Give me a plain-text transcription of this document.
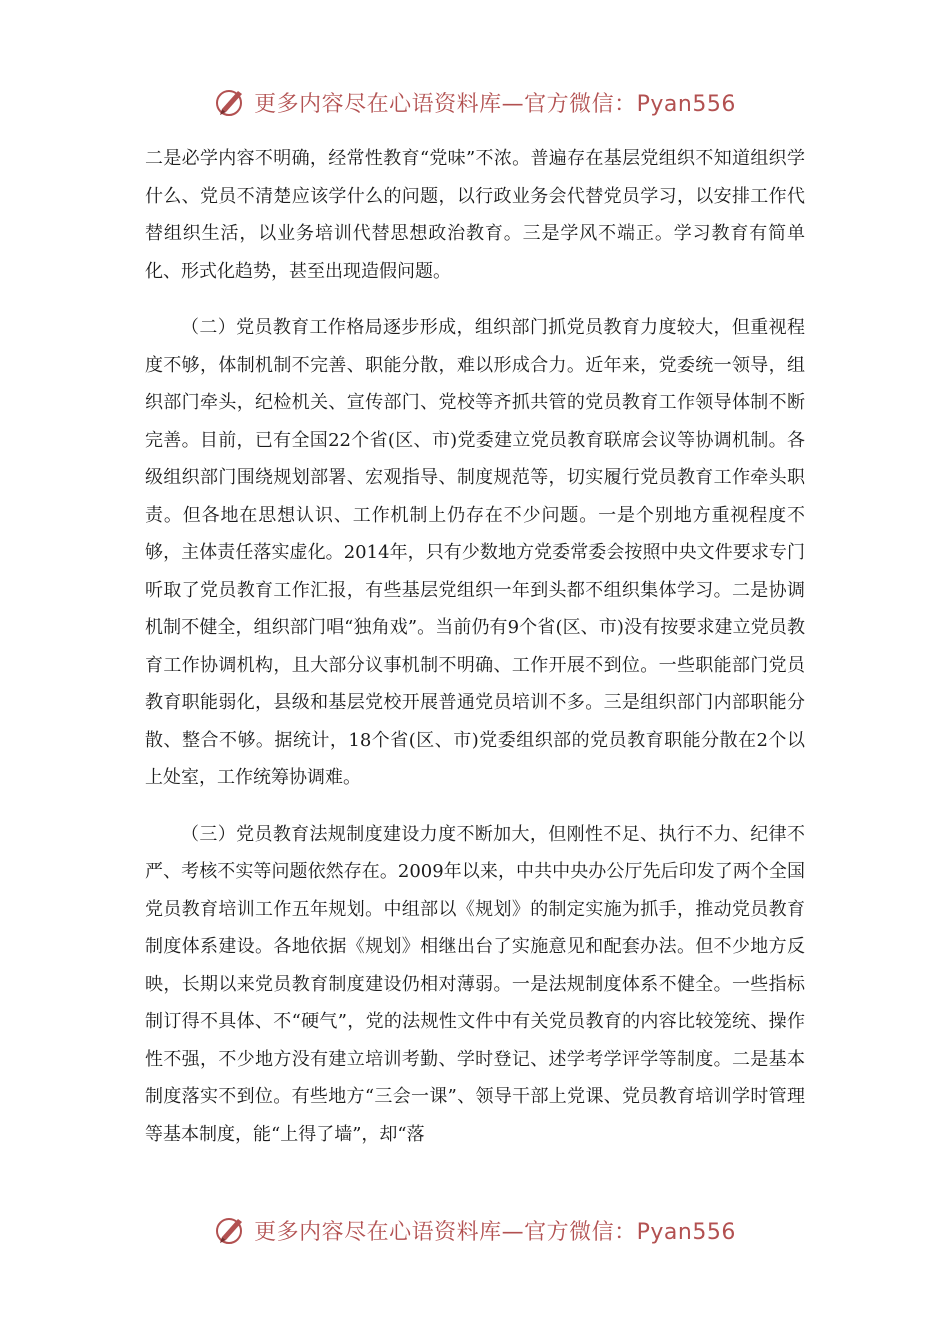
更多内容尽在心语资料库—官方微信：Pyan556

二是必学内容不明确，经常性教育“党味”不浓。普遍存在基层党组织不知道组织学什么、党员不清楚应该学什么的问题，以行政业务会代替党员学习，以安排工作代替组织生活，以业务培训代替思想政治教育。三是学风不端正。学习教育有简单化、形式化趋势，甚至出现造假问题。

（二）党员教育工作格局逐步形成，组织部门抓党员教育力度较大，但重视程度不够，体制机制不完善、职能分散，难以形成合力。近年来，党委统一领导，组织部门牵头，纪检机关、宣传部门、党校等齐抓共管的党员教育工作领导体制不断完善。目前，已有全国22个省(区、市)党委建立党员教育联席会议等协调机制。各级组织部门围绕规划部署、宏观指导、制度规范等，切实履行党员教育工作牵头职责。但各地在思想认识、工作机制上仍存在不少问题。一是个别地方重视程度不够，主体责任落实虚化。2014年，只有少数地方党委常委会按照中央文件要求专门听取了党员教育工作汇报，有些基层党组织一年到头都不组织集体学习。二是协调机制不健全，组织部门唱“独角戏”。当前仍有9个省(区、市)没有按要求建立党员教育工作协调机构，且大部分议事机制不明确、工作开展不到位。一些职能部门党员教育职能弱化，县级和基层党校开展普通党员培训不多。三是组织部门内部职能分散、整合不够。据统计，18个省(区、市)党委组织部的党员教育职能分散在2个以上处室，工作统筹协调难。

（三）党员教育法规制度建设力度不断加大，但刚性不足、执行不力、纪律不严、考核不实等问题依然存在。2009年以来，中共中央办公厅先后印发了两个全国党员教育培训工作五年规划。中组部以《规划》的制定实施为抓手，推动党员教育制度体系建设。各地依据《规划》相继出台了实施意见和配套办法。但不少地方反映，长期以来党员教育制度建设仍相对薄弱。一是法规制度体系不健全。一些指标制订得不具体、不“硬气”，党的法规性文件中有关党员教育的内容比较笼统、操作性不强，不少地方没有建立培训考勤、学时登记、述学考学评学等制度。二是基本制度落实不到位。有些地方“三会一课”、领导干部上党课、党员教育培训学时管理等基本制度，能“上得了墙”，却“落

更多内容尽在心语资料库—官方微信：Pyan556
